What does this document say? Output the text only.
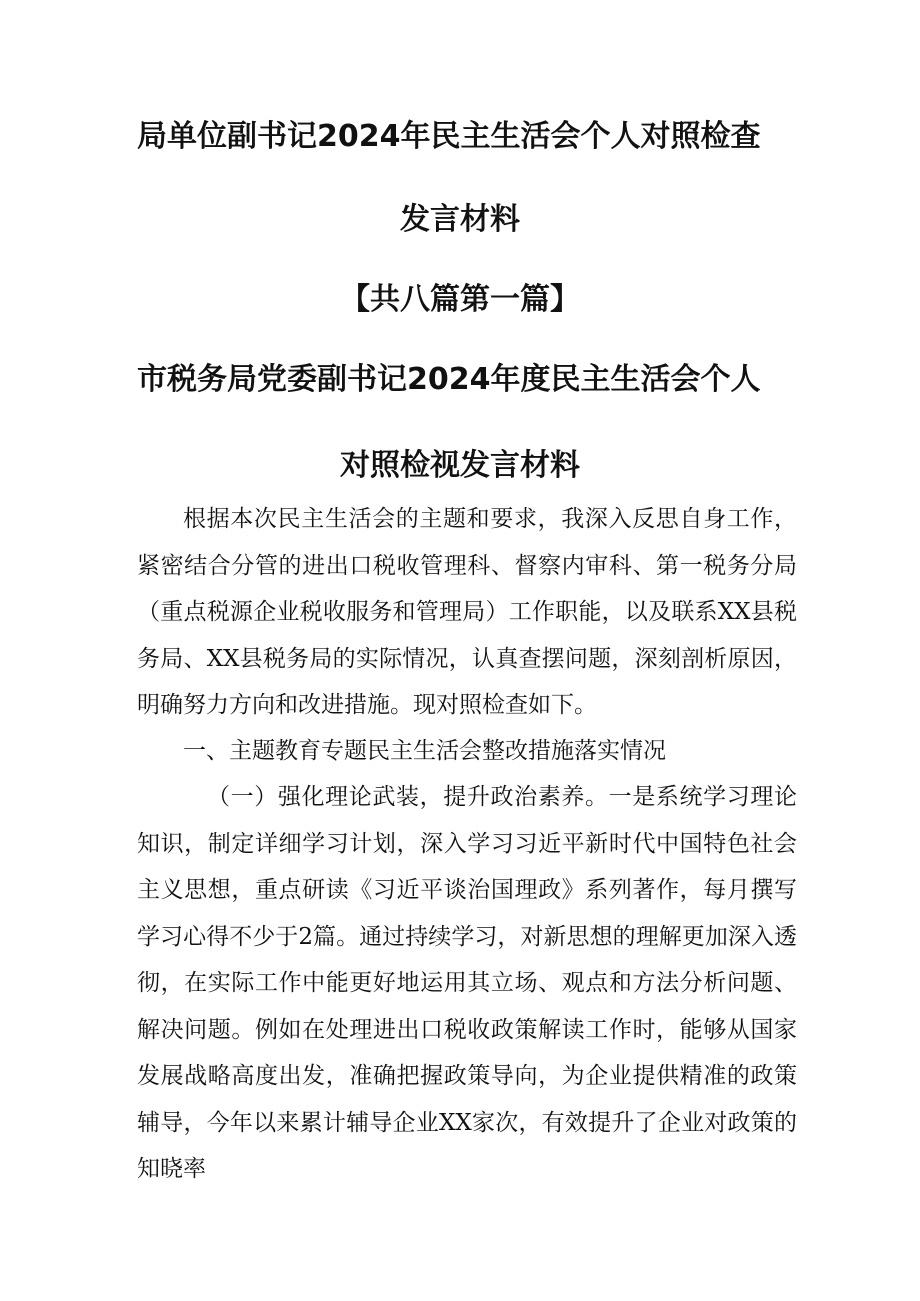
局单位副书记2024年民主生活会个人对照检查
发言材料
【共八篇第一篇】
市税务局党委副书记2024年度民主生活会个人
对照检视发言材料

根据本次民主生活会的主题和要求，我深入反思自身工作，紧密结合分管的进出口税收管理科、督察内审科、第一税务分局（重点税源企业税收服务和管理局）工作职能，以及联系XX县税务局、XX县税务局的实际情况，认真查摆问题，深刻剖析原因，明确努力方向和改进措施。现对照检查如下。

一、主题教育专题民主生活会整改措施落实情况

（一）强化理论武装，提升政治素养。一是系统学习理论知识，制定详细学习计划，深入学习习近平新时代中国特色社会主义思想，重点研读《习近平谈治国理政》系列著作，每月撰写学习心得不少于2篇。通过持续学习，对新思想的理解更加深入透彻，在实际工作中能更好地运用其立场、观点和方法分析问题、解决问题。例如在处理进出口税收政策解读工作时，能够从国家发展战略高度出发，准确把握政策导向，为企业提供精准的政策辅导，今年以来累计辅导企业XX家次，有效提升了企业对政策的知晓率
